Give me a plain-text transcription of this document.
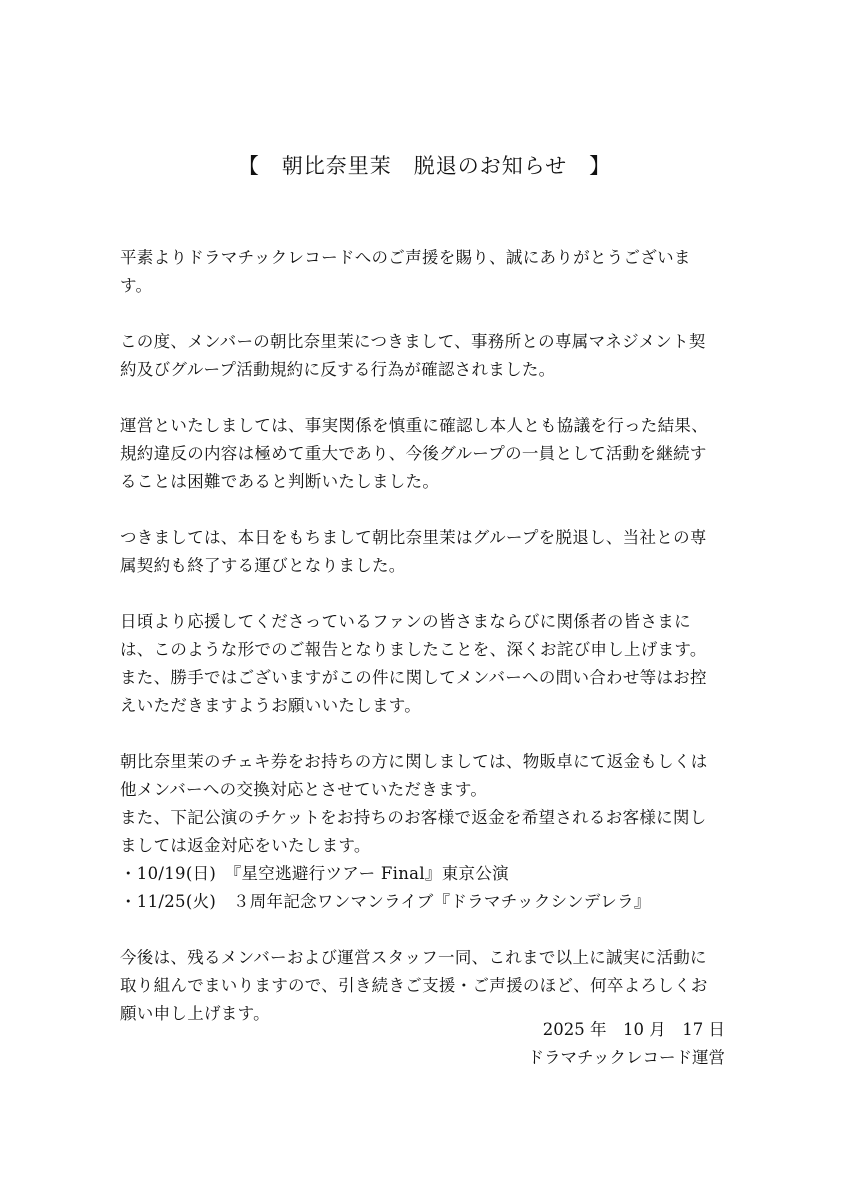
【　朝比奈里茉　脱退のお知らせ　】

平素よりドラマチックレコードへのご声援を賜り、誠にありがとうございま
す。

この度、メンバーの朝比奈里茉につきまして、事務所との専属マネジメント契
約及びグループ活動規約に反する行為が確認されました。

運営といたしましては、事実関係を慎重に確認し本人とも協議を行った結果、
規約違反の内容は極めて重大であり、今後グループの一員として活動を継続す
ることは困難であると判断いたしました。

つきましては、本日をもちまして朝比奈里茉はグループを脱退し、当社との専
属契約も終了する運びとなりました。

日頃より応援してくださっているファンの皆さまならびに関係者の皆さまに
は、このような形でのご報告となりましたことを、深くお詫び申し上げます。
また、勝手ではございますがこの件に関してメンバーへの問い合わせ等はお控
えいただきますようお願いいたします。

朝比奈里茉のチェキ券をお持ちの方に関しましては、物販卓にて返金もしくは
他メンバーへの交換対応とさせていただきます。
また、下記公演のチケットをお持ちのお客様で返金を希望されるお客様に関し
ましては返金対応をいたします。
・10/19(日)　『星空逃避行ツアー Final』東京公演
・11/25(火)　３周年記念ワンマンライブ『ドラマチックシンデレラ』

今後は、残るメンバーおよび運営スタッフ一同、これまで以上に誠実に活動に
取り組んでまいりますので、引き続きご支援・ご声援のほど、何卒よろしくお
願い申し上げます。

2025 年　10 月　17 日
ドラマチックレコード運営
